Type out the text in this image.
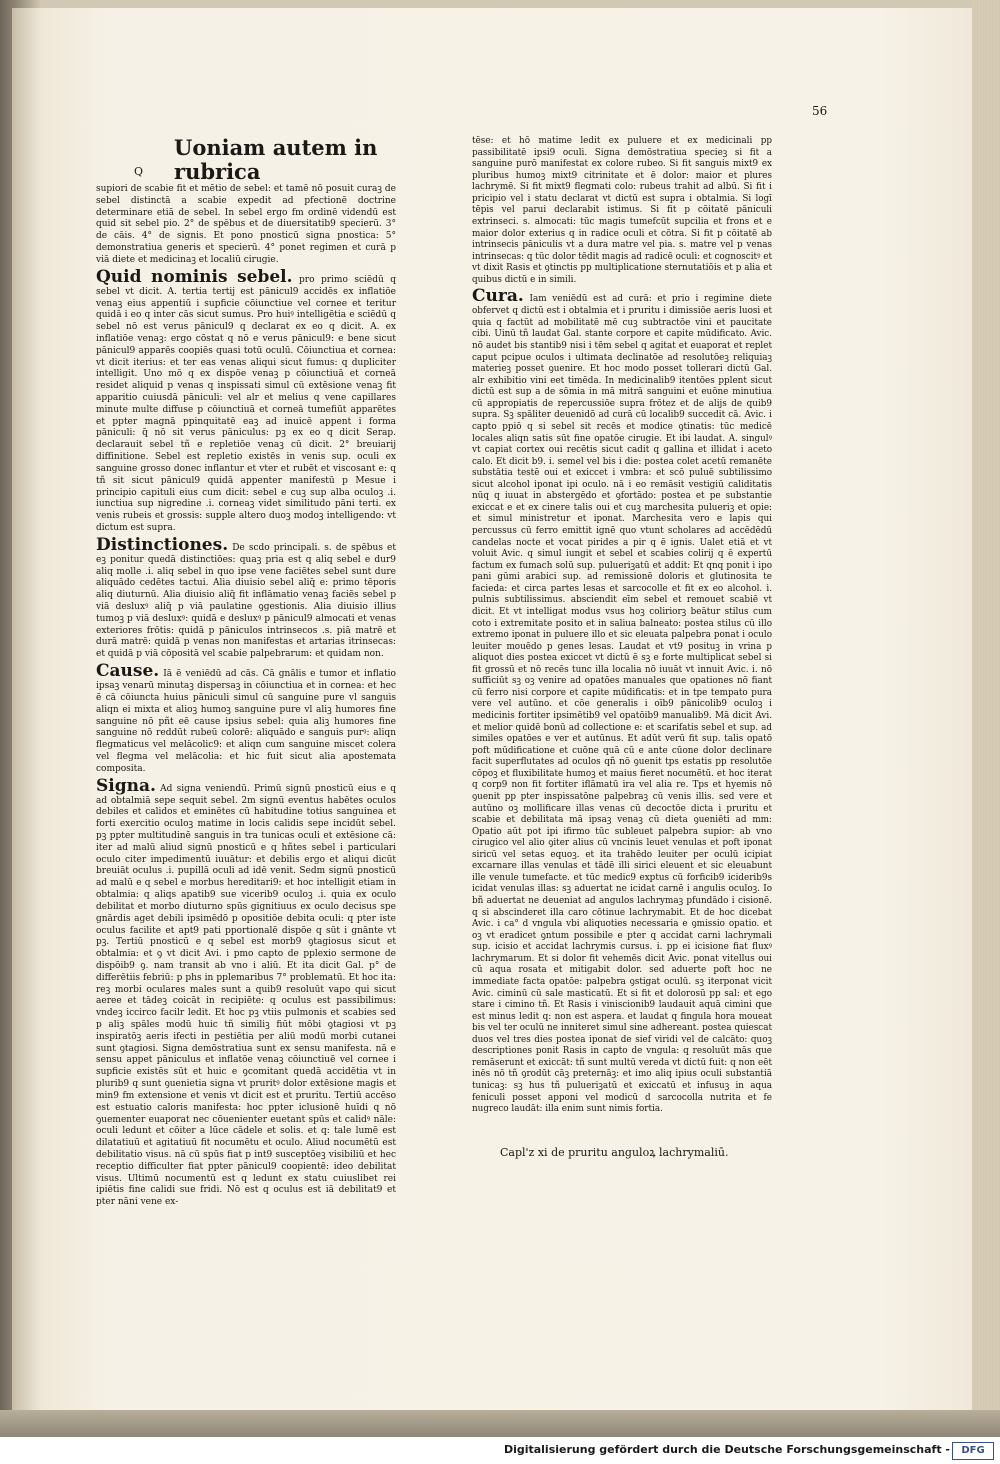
56
Q
Uoniam autem in rubrica

supiori de scabie fit et mētio de sebel: et tamē nō posuit curaꝫ de sebel distinctā a scabie expedit ad pfectionē doctrine determinare etiā de sebel. In sebel ergo fm ordinē videndū est quid sit sebel pio. 2° de spēbus et de diuersitatib9 specierū. 3° de cāis. 4° de signis. Et pono pnosticū signa pnostica: 5° demonstratiua generis et specierū. 4° ponet regimen et curā p viā diete et medicinaꝫ et localiū cirugie.

Quid nominis sebel. pro primo sciēdū q sebel vt dicit. A. tertia tertij est pānicul9 accidēs ex inflatiōe venaꝫ eius appentiū i supficie cōiunctiue vel cornee et teritur quidā i eo q inter cās sicut sumus. Pro huiꝰ intelligētia e sciēdū q sebel nō est verus pānicul9 q declarat ex eo q dicit. A. ex inflatiōe venaꝫ: ergo cōstat q nō e verus pānicul9: e bene sicut pānicul9 apparēs coopiēs quasi totū oculū. Cōiunctiua et cornea: vt dicit iterius: et ter eas venas aliqui sicut fumus: q dupliciter intelligit. Uno mō q ex dispōe venaꝫ p cōiunctiuā et corneā residet aliquid p venas q inspissati simul cū extēsione venaꝫ fit apparitio cuiusdā pāniculi: vel alr et melius q vene capillares minute multe diffuse p cōiunctiuā et corneā tumefiūt apparētes et ppter magnā ppinquitatē eaꝫ ad inuicē appent i forma pāniculi: q̄ nō sit verus pāniculus: pꝫ ex eo q dicit Serap. declarauit sebel tñ e repletiōe venaꝫ cū dicit. 2° breuiarij diffinitione. Sebel est repletio existēs in venis sup. oculi ex sanguine grosso donec inflantur et vter et rubēt et viscosant e: q tñ sit sicut pānicul9 quidā appenter manifestū p Mesue i principio capituli eius cum dicit: sebel e cuꝫ sup alba oculoꝫ .i. iunctiua sup nigredine .i. corneaꝫ videt similitudo pāni terti. ex venis rubeis et grossis: supple altero duoꝫ modoꝫ intelligendo: vt dictum est supra.

Distinctiones. De scdo principali. s. de spēbus et eꝫ ponitur quedā distinctiōes: quaꝫ pria est q aliq sebel e dur9 aliq molle .i. aliq sebel in quo ipse vene faciētes sebel sunt dure aliquādo cedētes tactui. Alia diuisio sebel aliq̄ e: primo tēporis aliq diuturnū. Alia diuisio aliq̄ fit inflāmatio venaꝫ faciēs sebel p viā desluxꝰ aliq̄ p viā paulatine ꝯgestionis. Alia diuisio illius tumoꝫ p viā desluxꝰ: quidā e desluxꝰ p pānicul9 almocati et venas exteriores frōtis: quidā p pāniculos intrinsecos .s. piā matrē et durā matrē: quidā p venas non manifestas et artarias itrinsecas: et quidā p viā cōpositā vel scabie palpebrarum: et quidam non.

Cause. Iā ē veniēdū ad cās. Cā gnālis e tumor et inflatio ipsaꝫ venarū minutaꝫ dispersaꝫ in cōiunctiua et in cornea: et hec ē cā cōiuncta huius pāniculi simul cū sanguine pure vl sanguis aliqn ei mixta et alioꝫ humoꝫ sanguine pure vl aliꝫ humores fine sanguine nō pñt eē cause ipsius sebel: quia aliꝫ humores fine sanguine nō reddūt rubeū colorē: aliquādo e sanguis purꝰ: aliqn flegmaticus vel melācolic9: et aliqn cum sanguine miscet colera vel flegma vel melācolia: et hic fuit sicut alia apostemata composita.

Signa. Ad signa veniendū. Primū signū pnosticū eius e q ad obtalmiā sepe sequit sebel. 2m signū eventus habētes oculos debiles et calidos et eminētes cū habitudine totius sanguinea et forti exercitio oculoꝫ matime in locis calidis sepe incidūt sebel. pꝫ ppter multitudinē sanguis in tra tunicas oculi et extēsione cā: iter ad malū aliud signū pnosticū e q hñtes sebel i particulari oculo citer impedimentū iuuātur: et debilis ergo et aliqui dicūt breuiāt oculus .i. pupillā oculi ad idē venit. Sedm signū pnosticū ad malū e q sebel e morbus hereditari9: et hoc intelligit etiam in obtalmia: q aliqs apatib9 sue vicerib9 oculoꝫ .i. quia ex oculo debilitat et morbo diuturno spūs gignitiuus ex oculo decisus spe gnārdis aget debili ipsimēdō p opositiōe debita oculi: q pter iste oculus facilite et apt9 pati pportionalē dispōe q sūt i gnānte vt pꝫ. Tertiū pnosticū e q sebel est morb9 ꝯtagiosus sicut et obtalmia: et ꝯ vt dicit Avi. i pmo capto de pplexio sermone de dispōib9 ꝯ. nam transit ab vno i aliū. Et ita dicit Gal. p° de differētiis febriū: p phs in pplemaribus 7° problematū. Et hoc ita: reꝫ morbi oculares males sunt a quib9 resoluūt vapo qui sicut aeree et tādeꝫ coicāt in recipiēte: q oculus est passibilimus: vndeꝫ iccirco facilr ledit. Et hoc pꝫ vtiis pulmonis et scabies sed p aliꝫ spāles modū huic tñ similiꝫ fiūt mōbi ꝯtagiosi vt pꝫ inspiratōꝫ aeris ifecti in pestiētia per aliū modū morbi cutanei sunt ꝯtagiosi. Signa demōstratiua sunt ex sensu manifesta. nā e sensu appet pāniculus et inflatōe venaꝫ cōiunctiuē vel cornee i supficie existēs sūt et huic e ꝯcomitant quedā accidētia vt in plurib9 q sunt ꝯuenietia signa vt pruritꝰ dolor extēsione magis et min9 fm extensione et venis vt dicit est et pruritu. Tertiū accēso est estuatio caloris manifesta: hoc ppter iclusionē huīdi q nō ꝯuementer euaporat nec cōuenienter euetant spūs et calidꝰ nāle: oculi ledunt et cōiter a lūce cādele et solis. et q: tale lumē est dilatatiuū et agitatiuū fit nocumētu et oculo. Aliud nocumētū est debilitatio visus. nā cū spūs fiat p int9 susceptōeꝫ visibiliū et hec receptio difficulter fiat ppter pānicul9 coopientē: ideo debilitat visus. Ultimū nocumentū est q ledunt ex statu cuiuslibet rei ipiētis fine calidi sue fridi. Nō est q oculus est iā debilitat9 et pter nāni vene ex-

tēse: et hō matime ledit ex puluere et ex medicinali pp passibilitatē ipsi9 oculi. Signa demōstratiua specieꝫ si fit a sanguine purō manifestat ex colore rubeo. Si fit sanguis mixt9 ex pluribus humoꝫ mixt9 citrinitate et ē dolor: maior et plures lachrymē. Si fit mixt9 flegmati colo: rubeus trahit ad albū. Si fit i pricipio vel i statu declarat vt dictū est supra i obtalmia. Si logī tēpis vel parui declarabit istimus. Si fit p cōitatē pāniculi extrinseci. s. almocati: tūc magis tumefcūt supcilia et frons et e maior dolor exterius q in radice oculi et cōtra. Si fit p cōitatē ab intrinsecis pāniculis vt a dura matre vel pia. s. matre vel p venas intrinsecas: q tūc dolor tēdit magis ad radicē oculi: et cognoscitꝰ et vt dixit Rasis et ꝯtinctis pp multiplicatione sternutatiōis et p alia et quibus dictū e in simili.

Cura. Iam veniēdū est ad curā: et prio i regimine diete obfervet q dictū est i obtalmia et i pruritu i dimissiōe aeris luosi et quia q factūt ad mobilitatē mē cuꝫ subtractōe vini et paucitate cibi. Uinū tñ laudat Gal. stante corpore et capite mūdificato. Avic. nō audet bis stantib9 nisi i tēm sebel q agitat et euaporat et replet caput pcipue oculos i ultimata declinatōe ad resolutōeꝫ reliquiaꝫ materieꝫ posset ꝯuenire. Et hoc modo posset tollerari dictū Gal. alr exhibitio vini eet timēda. In medicinalib9 itentōes pplent sicut dictū est sup a de sōmia in mā mitrā sanguini et euōne minutiua cū appropiatis de repercussiōe supra frōtez et de alijs de quib9 supra. Sꝫ spāliter deuenidō ad curā cū localib9 succedit cā. Avic. i capto ppiō q si sebel sit recēs et modice ꝯtinatis: tūc medicē locales aliqn satis sūt fine opatōe cirugie. Et ibi laudat. A. singulꝰ vt capiat cortex oui recētis sicut cadit q gallina et illidat i aceto calo. Et dicit b9. i. semel vel bis i die: postea colet acetū remanēte substātia testē oui et exiccet i vmbra: et scō puluē subtilissimo sicut alcohol iponat ipi oculo. nā i eo remāsit vestigiū caliditatis nūq q iuuat in abstergēdo et ꝯfortādo: postea et pe substantie exiccat e et ex cinere talis oui et cuꝫ marchesita pulueriꝫ et opie: et simul ministretur et iponat. Marchesita vero e lapis qui percussus cū ferro emittit ignē quo vtunt scholares ad accēdēdū candelas nocte et vocat pirides a pir q ē ignis. Ualet etiā et vt voluit Avic. q simul iungit et sebel et scabies colirij q ē expertū factum ex fumach solū sup. pulueriꝫatū et addit: Et qnq ponit i ipo pani gūmi arabici sup. ad remissionē doloris et glutinosita te facieda: et circa partes lesas et sarcocolle et fit ex eo alcohol. i. pulnis subtilissimus. absciendit eīm sebel et remouet scabiē vt dicit. Et vt intelligat modus vsus hoꝫ coliriorꝫ beātur stilus cum coto i extremitate posito et in saliua balneato: postea stilus cū illo extremo iponat in puluere illo et sic eleuata palpebra ponat i oculo leuiter mouēdo p genes lesas. Laudat et vt9 posituꝫ in vrina p aliquot dies postea exiccet vt dictū ē sꝫ e forte multiplicat sebel si fit grossū et nō recēs tunc illa localia nō iuuāt vt innuit Avic. i. nō sufficiūt sꝫ oꝫ venire ad opatōes manuales que opationes nō fiant cū ferro nisi corpore et capite mūdificatis: et in tpe tempato pura vere vel autūno. et cōe generalis i oīb9 pānicolib9 oculoꝫ i medicinis fortiter ipsimētib9 vel opatōib9 manualib9. Mā dicit Avi. et melior quidē bonū ad collectione e: et scarifatis sebel et sup. ad similes opatōes e ver et autūnus. Et adūt verū fit sup. talis opatō poft mūdificatione et cuōne quā cū e ante cūone dolor declinare facit superflutates ad oculos qñ nō ꝯuenit tps estatis pp resolutōe cōpoꝫ et fluxibilitate humoꝫ et maius fieret nocumētū. et hoc iterat q corp9 non fit fortiter iflāmatū ira vel alia re. Tps et hyemis nō ꝯuenit pp pter inspissatōne palpebraꝫ cū venis illis. sed vere et autūno oꝫ mollificare illas venas cū decoctōe dicta i pruritu et scabie et debilitata mā ipsaꝫ venaꝫ cū dieta ꝯueniēti ad mm: Opatio aūt pot ipi ifirmo tūc subleuet palpebra supior: ab vno cirugico vel alio ꝯiter alius cū vncinis leuet venulas et poft iponat siricū vel setas equoꝫ. et ita trahēdo leuiter per oculū icipiat excarnare illas venulas et tādē illi sirici eleuent et sic eleuabunt ille venule tumefacte. et tūc medic9 exptus cū forficib9 iciderib9s icidat venulas illas: sꝫ aduertat ne icidat carnē i angulis oculoꝫ. Io bñ aduertat ne deueniat ad angulos lachrymaꝫ pfundādo i cisionē. q si abscinderet illa caro cōtinue lachrymabit. Et de hoc dicebat Avic. i ca° d vngula vbi aliquoties necessaria e ꝯmissio opatio. et oꝫ vt eradicet ꝯntum possibile e pter q accidat carni lachrymali sup. icisio et accidat lachrymis cursus. i. pp ei icisione fiat fluxꝰ lachrymarum. Et si dolor fit vehemēs dicit Avic. ponat vitellus oui cū aqua rosata et mitigabit dolor. sed aduerte poft hoc ne immediate facta opatōe: palpebra ꝯstigat oculū. sꝫ iterponat vicit Avic. ciminū cū sale masticatū. Et si fit et dolorosū pp sal: et ego stare i cimino tñ. Et Rasis i viniscionib9 laudauit aquā cimini que est minus ledit q: non est aspera. et laudat q fingula hora moueat bis vel ter oculū ne inniteret simul sine adhereant. postea quiescat duos vel tres dies postea iponat de sief viridi vel de calcāto: quoꝫ descriptiones ponit Rasis in capto de vngula: q resoluūt mās que remāserunt et exiccāt: tñ sunt multū vereda vt dictū fuit: q non eēt inēs nō tñ ꝯrodūt cāꝫ preternāꝫ: et imo aliq ipius oculi substantiā tunicaꝫ: sꝫ hus tñ pulueriꝫatū et exiccatū et infusuꝫ in aqua feniculi posset apponi vel modicū d sarcocolla nutrita et fe nugreco laudāt: illa enim sunt nimis fortia.

Capl'z xi de pruritu anguloꝝ lachrymaliū.
Digitalisierung gefördert durch die Deutsche Forschungsgemeinschaft -	DFG
